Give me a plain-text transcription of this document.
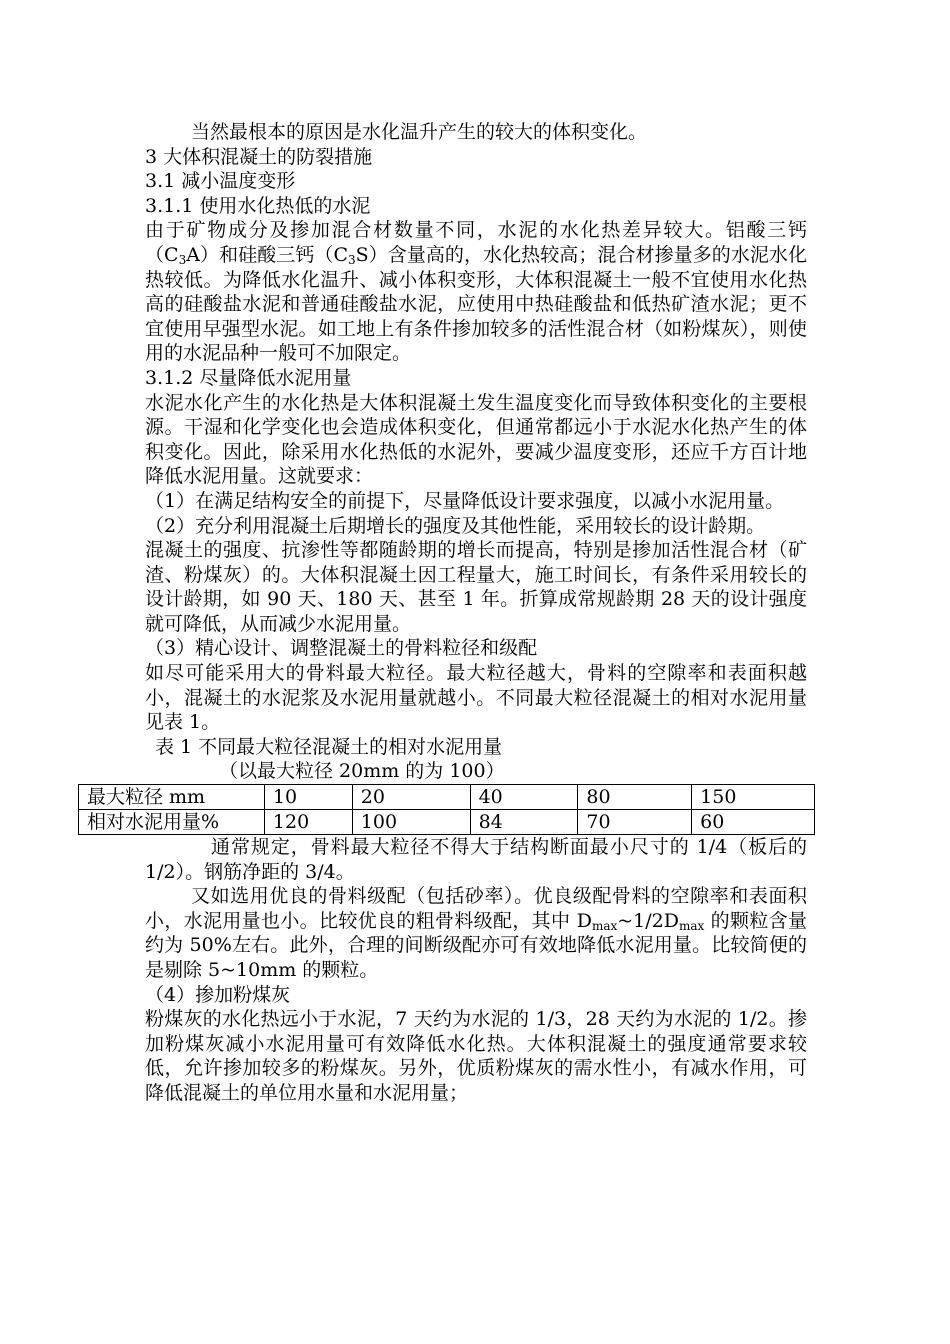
当然最根本的原因是水化温升产生的较大的体积变化。

3 大体积混凝土的防裂措施

3.1 减小温度变形

3.1.1 使用水化热低的水泥

由于矿物成分及掺加混合材数量不同，水泥的水化热差异较大。铝酸三钙$(C_3A)$和硅酸三钙$(C_3S)$含量高的，水化热较高；混合材掺量多的水泥水化热较低。为降低水化温升、减小体积变形，大体积混凝土一般不宜使用水化热高的硅酸盐水泥和普通硅酸盐水泥，应使用中热硅酸盐和低热矿渣水泥；更不宜使用早强型水泥。如工地上有条件掺加较多的活性混合材（如粉煤灰），则使用的水泥品种一般可不加限定。

3.1.2 尽量降低水泥用量

水泥水化产生的水化热是大体积混凝土发生温度变化而导致体积变化的主要根源。干湿和化学变化也会造成体积变化，但通常都远小于水泥水化热产生的体积变化。因此，除采用水化热低的水泥外，要减少温度变形，还应千方百计地降低水泥用量。这就要求：

（1）在满足结构安全的前提下，尽量降低设计要求强度，以减小水泥用量。

（2）充分利用混凝土后期增长的强度及其他性能，采用较长的设计龄期。

混凝土的强度、抗渗性等都随龄期的增长而提高，特别是掺加活性混合材（矿渣、粉煤灰）的。大体积混凝土因工程量大，施工时间长，有条件采用较长的设计龄期，如 90 天、180 天、甚至 1 年。折算成常规龄期 28 天的设计强度就可降低，从而减少水泥用量。

（3）精心设计、调整混凝土的骨料粒径和级配

如尽可能采用大的骨料最大粒径。最大粒径越大，骨料的空隙率和表面积越小，混凝土的水泥浆及水泥用量就越小。不同最大粒径混凝土的相对水泥用量见表 1。

表 1 不同最大粒径混凝土的相对水泥用量

（以最大粒径 20mm 的为 100）

最大粒径 mm	10	20	40	80	150
相对水泥用量%	120	100	84	70	60

通常规定，骨料最大粒径不得大于结构断面最小尺寸的 1/4（板后的 1/2）。钢筋净距的 3/4。

又如选用优良的骨料级配（包括砂率）。优良级配骨料的空隙率和表面积小，水泥用量也小。比较优良的粗骨料级配，其中 $D_{max}\sim 1/2D_{max}$ 的颗粒含量约为 50%左右。此外，合理的间断级配亦可有效地降低水泥用量。比较简便的是剔除 5~10mm 的颗粒。

（4）掺加粉煤灰

粉煤灰的水化热远小于水泥，7 天约为水泥的 1/3，28 天约为水泥的 1/2。掺加粉煤灰减小水泥用量可有效降低水化热。大体积混凝土的强度通常要求较低，允许掺加较多的粉煤灰。另外，优质粉煤灰的需水性小，有减水作用，可降低混凝土的单位用水量和水泥用量；
